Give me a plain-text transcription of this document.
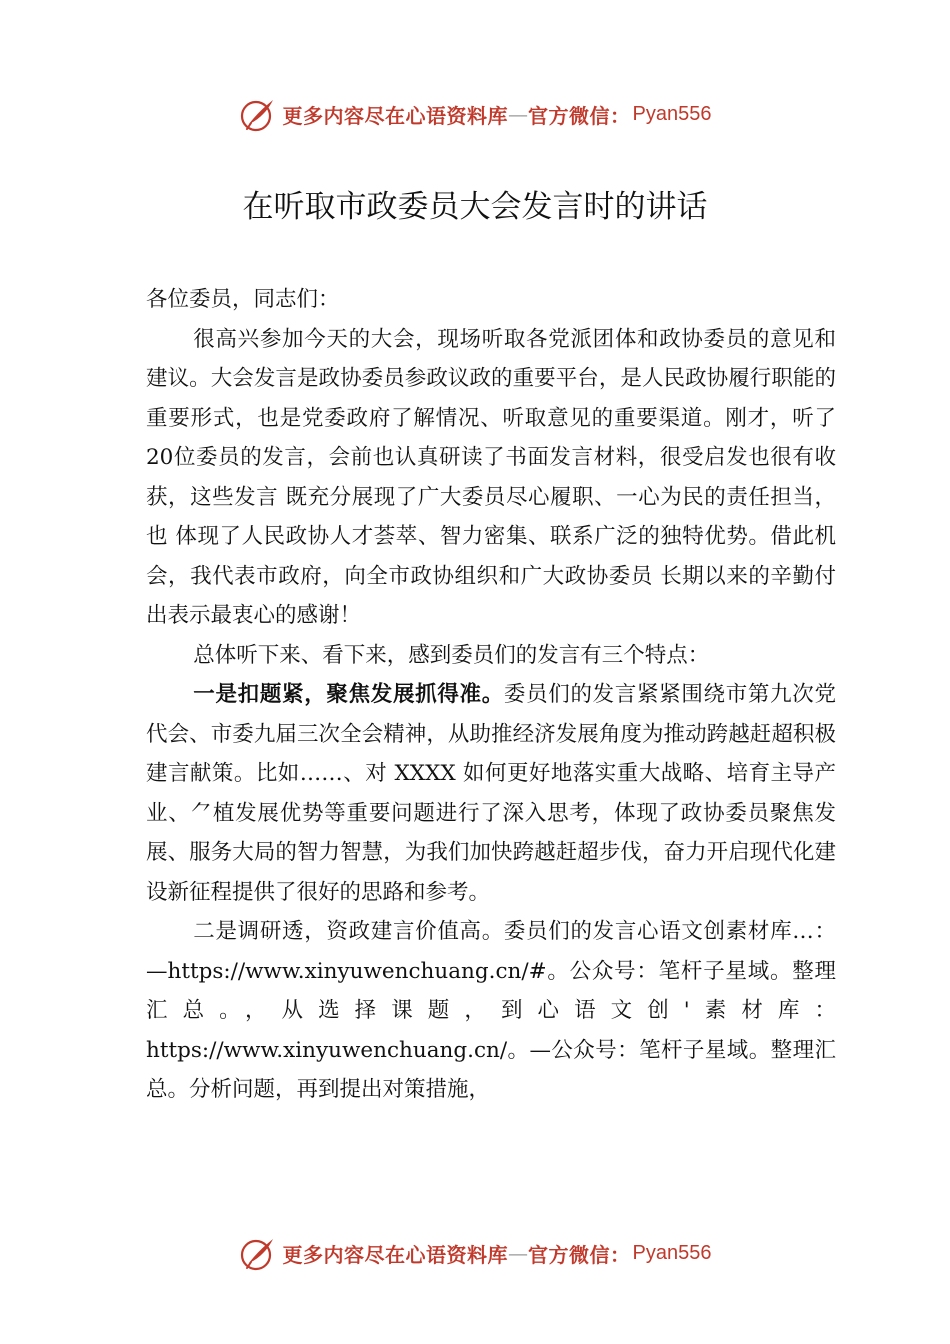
更多内容尽在心语资料库 — 官方微信： Pyan556
在听取市政委员大会发言时的讲话

各位委员，同志们：

很高兴参加今天的大会，现场听取各党派团体和政协委员的意见和建议。大会发言是政协委员参政议政的重要平台，是人民政协履行职能的重要形式，也是党委政府了解情况、听取意见的重要渠道。刚才，听了 20位委员的发言，会前也认真研读了书面发言材料，很受启发也很有收获，这些发言 既充分展现了广大委员尽心履职、一心为民的责任担当，也 体现了人民政协人才荟萃、智力密集、联系广泛的独特优势。借此机会，我代表市政府，向全市政协组织和广大政协委员 长期以来的辛勤付出表示最衷心的感谢！

总体听下来、看下来，感到委员们的发言有三个特点：

一是扣题紧，聚焦发展抓得准。委员们的发言紧紧围绕市第九次党代会、市委九届三次全会精神，从助推经济发展角度为推动跨越赶超积极建言献策。比如……、对 XXXX 如何更好地落实重大战略、培育主导产业、⺈植发展优势等重要问题进行了深入思考，体现了政协委员聚焦发展、服务大局的智力智慧，为我们加快跨越赶超步伐，奋力开启现代化建设新征程提供了很好的思路和参考。

二是调研透，资政建言价值高。委员们的发言心语文创素材库…：—https://www.xinyuwenchuang.cn/#。公众号：笔杆子星域。整理汇总。，从选择课题，到心语文创'素材库：https://www.xinyuwenchuang.cn/。—公众号：笔杆子星域。整理汇总。分析问题，再到提出对策措施，

更多内容尽在心语资料库 — 官方微信： Pyan556
